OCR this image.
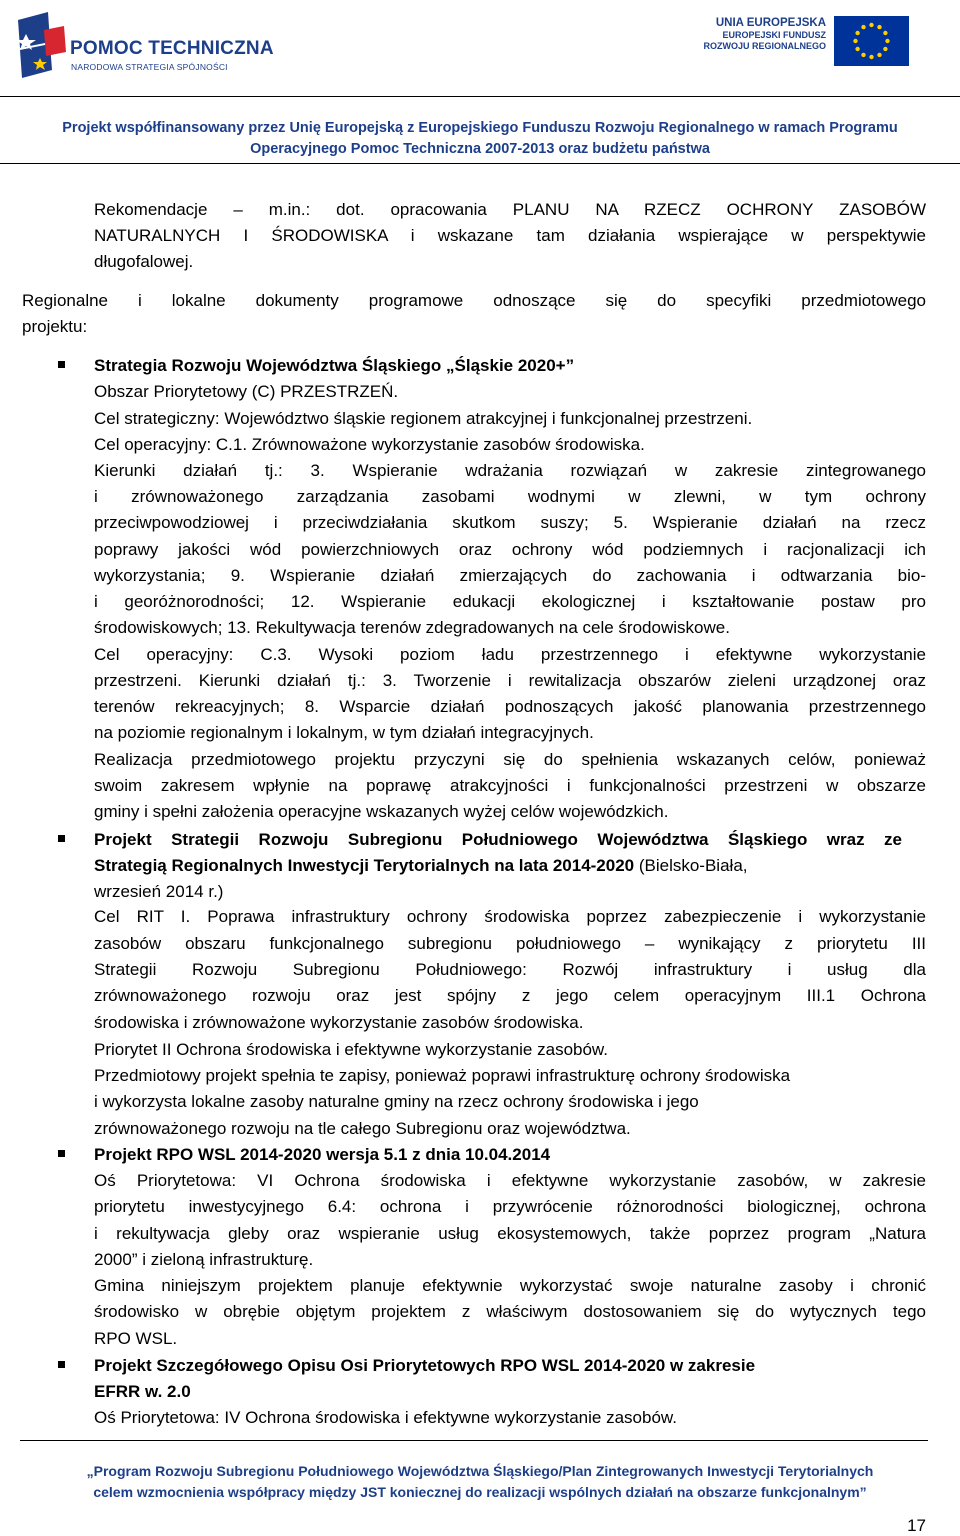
POMOC TECHNICZNA
NARODOWA STRATEGIA SPÓJNOŚCI
UNIA EUROPEJSKA
EUROPEJSKI FUNDUSZ
ROZWOJU REGIONALNEGO
Projekt współfinansowany przez Unię Europejską z Europejskiego Funduszu Rozwoju Regionalnego w ramach Programu
Operacyjnego Pomoc Techniczna 2007-2013 oraz budżetu państwa
Rekomendacje – m.in.: dot. opracowania PLANU NA RZECZ OCHRONY ZASOBÓW
NATURALNYCH I ŚRODOWISKA i wskazane tam działania wspierające w perspektywie
długofalowej.
Regionalne i lokalne dokumenty programowe odnoszące się do specyfiki przedmiotowego
projektu:
Strategia Rozwoju Województwa Śląskiego „Śląskie 2020+”
Obszar Priorytetowy (C) PRZESTRZEŃ.
Cel strategiczny: Województwo śląskie regionem atrakcyjnej i funkcjonalnej przestrzeni.
Cel operacyjny: C.1. Zrównoważone wykorzystanie zasobów środowiska.
Kierunki działań tj.: 3. Wspieranie wdrażania rozwiązań w zakresie zintegrowanego
i zrównoważonego zarządzania zasobami wodnymi w zlewni, w tym ochrony
przeciwpowodziowej i przeciwdziałania skutkom suszy; 5. Wspieranie działań na rzecz
poprawy jakości wód powierzchniowych oraz ochrony wód podziemnych i racjonalizacji ich
wykorzystania; 9. Wspieranie działań zmierzających do zachowania i odtwarzania bio-
i georóżnorodności; 12. Wspieranie edukacji ekologicznej i kształtowanie postaw pro
środowiskowych; 13. Rekultywacja terenów zdegradowanych na cele środowiskowe.
Cel operacyjny: C.3. Wysoki poziom ładu przestrzennego i efektywne wykorzystanie
przestrzeni. Kierunki działań tj.: 3. Tworzenie i rewitalizacja obszarów zieleni urządzonej oraz
terenów rekreacyjnych; 8. Wsparcie działań podnoszących jakość planowania przestrzennego
na poziomie regionalnym i lokalnym, w tym działań integracyjnych.
Realizacja przedmiotowego projektu przyczyni się do spełnienia wskazanych celów, ponieważ
swoim zakresem wpłynie na poprawę atrakcyjności i funkcjonalności przestrzeni w obszarze
gminy i spełni założenia operacyjne wskazanych wyżej celów wojewódzkich.
Projekt Strategii Rozwoju Subregionu Południowego Województwa Śląskiego wraz ze
Strategią Regionalnych Inwestycji Terytorialnych na lata 2014-2020 (Bielsko-Biała,
wrzesień 2014 r.)
Cel RIT I. Poprawa infrastruktury ochrony środowiska poprzez zabezpieczenie i wykorzystanie
zasobów obszaru funkcjonalnego subregionu południowego – wynikający z priorytetu III
Strategii Rozwoju Subregionu Południowego: Rozwój infrastruktury i usług dla
zrównoważonego rozwoju oraz jest spójny z jego celem operacyjnym III.1 Ochrona
środowiska i zrównoważone wykorzystanie zasobów środowiska.
Priorytet II Ochrona środowiska i efektywne wykorzystanie zasobów.
Przedmiotowy projekt spełnia te zapisy, ponieważ poprawi infrastrukturę ochrony środowiska
i wykorzysta lokalne zasoby naturalne gminy na rzecz ochrony środowiska i jego
zrównoważonego rozwoju na tle całego Subregionu oraz województwa.
Projekt RPO WSL 2014-2020 wersja 5.1 z dnia 10.04.2014
Oś Priorytetowa: VI Ochrona środowiska i efektywne wykorzystanie zasobów, w zakresie
priorytetu inwestycyjnego 6.4: ochrona i przywrócenie różnorodności biologicznej, ochrona
i rekultywacja gleby oraz wspieranie usług ekosystemowych, także poprzez program „Natura
2000” i zieloną infrastrukturę.
Gmina niniejszym projektem planuje efektywnie wykorzystać swoje naturalne zasoby i chronić
środowisko w obrębie objętym projektem z właściwym dostosowaniem się do wytycznych tego
RPO WSL.
Projekt Szczegółowego Opisu Osi Priorytetowych RPO WSL 2014-2020 w zakresie
EFRR w. 2.0
Oś Priorytetowa: IV Ochrona środowiska i efektywne wykorzystanie zasobów.
„Program Rozwoju Subregionu Południowego Województwa Śląskiego/Plan Zintegrowanych Inwestycji Terytorialnych
celem wzmocnienia współpracy między JST koniecznej do realizacji wspólnych działań na obszarze funkcjonalnym”
17
